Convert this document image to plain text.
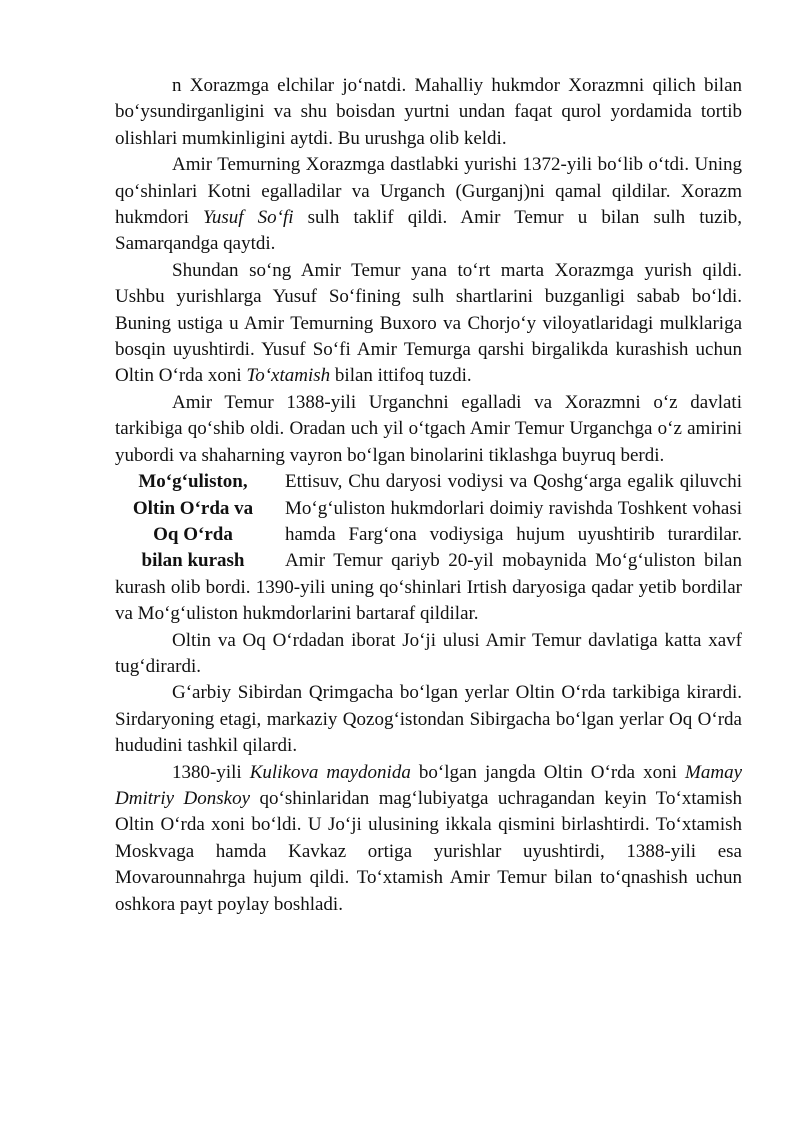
n Xorazmga elchilar jo‘natdi. Mahalliy hukmdor Xorazmni qilich bilan bo‘ysundirganligini va shu boisdan yurtni undan faqat qurol yordamida tortib olishlari mumkinligini aytdi. Bu urushga olib keldi.

Amir Temurning Xorazmga dastlabki yurishi 1372-yili bo‘lib o‘tdi. Uning qo‘shinlari Kotni egalladilar va Urganch (Gurganj)ni qamal qildilar. Xorazm hukmdori Yusuf So‘fi sulh taklif qildi. Amir Temur u bilan sulh tuzib, Samarqandga qaytdi.

Shundan so‘ng Amir Temur yana to‘rt marta Xorazmga yurish qildi. Ushbu yurishlarga Yusuf So‘fining sulh shartlarini buzganligi sabab bo‘ldi. Buning ustiga u Amir Temurning Buxoro va Chorjo‘y viloyatlaridagi mulklariga bosqin uyushtirdi. Yusuf So‘fi Amir Temurga qarshi birgalikda kurashish uchun Oltin O‘rda xoni To‘xtamish bilan ittifoq tuzdi.

Amir Temur 1388-yili Urganchni egalladi va Xorazmni o‘z davlati tarkibiga qo‘shib oldi. Oradan uch yil o‘tgach Amir Temur Urganchga o‘z amirini yubordi va shaharning vayron bo‘lgan binolarini tiklashga buyruq berdi.

Mo‘g‘uliston,
Oltin O‘rda va
Oq O‘rda
bilan kurash

Ettisuv, Chu daryosi vodiysi va Qoshg‘arga egalik qiluvchi Mo‘g‘uliston hukmdorlari doimiy ravishda Toshkent vohasi hamda Farg‘ona vodiysiga hujum uyushtirib turardilar. Amir Temur qariyb 20-yil mobaynida Mo‘g‘uliston bilan kurash olib bordi. 1390-yili uning qo‘shinlari Irtish daryosiga qadar yetib bordilar va Mo‘g‘uliston hukmdorlarini bartaraf qildilar.

Oltin va Oq O‘rdadan iborat Jo‘ji ulusi Amir Temur davlatiga katta xavf tug‘dirardi.

G‘arbiy Sibirdan Qrimgacha bo‘lgan yerlar Oltin O‘rda tarkibiga kirardi. Sirdaryoning etagi, markaziy Qozog‘istondan Sibirgacha bo‘lgan yerlar Oq O‘rda hududini tashkil qilardi.

1380-yili Kulikova maydonida bo‘lgan jangda Oltin O‘rda xoni Mamay Dmitriy Donskoy qo‘shinlaridan mag‘lubiyatga uchragandan keyin To‘xtamish Oltin O‘rda xoni bo‘ldi. U Jo‘ji ulusining ikkala qismini birlashtirdi. To‘xtamish Moskvaga hamda Kavkaz ortiga yurishlar uyushtirdi, 1388-yili esa Movarounnahrga hujum qildi. To‘xtamish Amir Temur bilan to‘qnashish uchun oshkora payt poylay boshladi.
